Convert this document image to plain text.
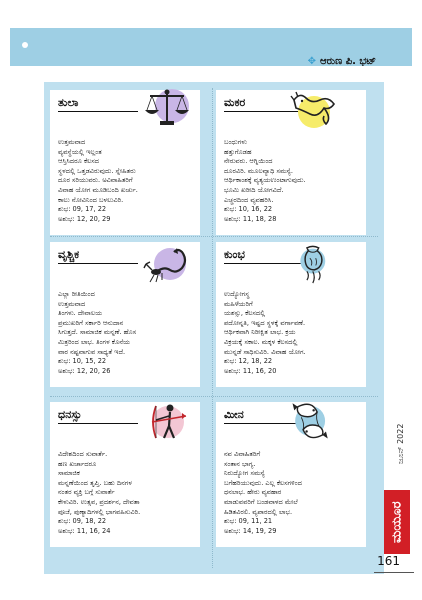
✥ ಆರುಣ ಪಿ. ಭಟ್
ತುಲಾ
ಉತ್ತಮವಾದ
ವ್ಯವಸ್ಥೆಯಲ್ಲಿ ಇಲ್ಲಂತ
ಆಸ್ತಿಸಿದರೂ ಕೆಲಸದ
ಸ್ಥಳದಲ್ಲಿ ಒತ್ತಡವಿರುವುದು. ಸ್ನೇಹಿತರು
ದೂರ ಸರಿಯುವರು. ಅವಿವಾಹಿತರಿಗೆ
ವಿವಾಹ ಯೋಗ ಮೂಡಿಬಂದಿ ಖರ್ಚು.
ಕಾಲು ನೋವಿನಿಂದ ಬಳಲುವಿರಿ.
ಶುಭ: 09, 17, 22
ಅಶುಭ: 12, 20, 29
ಮಕರ
ಬಂಧುಗಳು
ಹತ್ತುಗೊಡಹ
ನೇರುವರು. ಆಗ್ನಿಯಿಂದ
ದೂರವಿರಿ. ಮೂಲವ್ಯಾಧಿ ಸಮಸ್ಯೆ.
ಆರ್ಥಿಕಾಂಶಕ್ಕೆ ವ್ಯತ್ಯಯಉಂಟಾಗುವುದು.
ಭೂಮಿ ಖರೀದಿ ಯೋಗವಿದೆ.
ಎಚ್ಚರದಿಂದ ವ್ಯವಹರಿಸಿ.
ಶುಭ: 10, 16, 22
ಅಶುಭ: 11, 18, 28
ವೃಶ್ಚಿಕ
ಎಲ್ಲಾ ರೀತಿಯಿಂದ
ಉತ್ತಮವಾದ
ತಿಂಗಳು. ದೇವಾಲಯ
ಪ್ರಮುಖರಿಗೆ ಸರ್ಕಾರಿ ಆನುದಾನ
ಸಿಗುತ್ತದೆ. ಸಾಮಾಜಿಕ ಮನ್ನಣೆ. ಹೊಸ
ಮಿತ್ರರಿಂದ ಲಾಭ. ತಿಂಗಳ ಕೊನೆಯ
ವಾರ ನಷ್ಟವಾಗುವ ಸಾಧ್ಯತೆ ಇದೆ.
ಶುಭ: 10, 15, 22
ಅಶುಭ: 12, 20, 26
ಕುಂಭ
ಉದ್ಯೋಗಸ್ಥ
ಮಹಿಳೆಯರಿಗೆ
ಯಶಸ್ಸು, ಕೆಲಸದಲ್ಲಿ
ಪದೋನ್ನತಿ, ಇಷ್ಟದ ಸ್ಥಳಕ್ಕೆ ವರ್ಗಾವಣೆ.
ಆರ್ಥಿಕವಾಗಿ ನಿರೀಕ್ಷಿತ ಲಾಭ. ಕ್ರಯ
ವಿಕ್ರಯಕ್ಕೆ ಸಕಾಲ. ಮಕ್ಕಳ ಕೆಲಸದಲ್ಲಿ
ಮುನ್ನಡೆ ಸಾಧಿಸುವಿರಿ. ವಿವಾಹ ಯೋಗ.
ಶುಭ: 12, 18, 22
ಅಶುಭ: 11, 16, 20
ಧನಸ್ಸು
ವಿದೇಶದಿಂದ ಸುವಾರ್ತೆ.
ಹಣ ಖರ್ಚಾದರೂ
ಸಾಮಾಜಿಕ
ಮನ್ನಣೆಯಿಂದ ತೃಪ್ತಿ. ಬಹು ದಿನಗಳ
ನಂತರ ವ್ಯಕ್ತಿ ಬಗ್ಗೆ ಸುವಾರ್ತೆ
ಕೇಳುವಿರಿ. ಉತ್ಸವ, ಪ್ರದರ್ಶನ, ದೇವತಾ
ಪೂಜೆ, ಪುಣ್ಯಾದಿಗಳಲ್ಲಿ ಭಾಗವಹಿಸುವಿರಿ.
ಶುಭ: 09, 18, 22
ಅಶುಭ: 11, 16, 24
ಮೀನ
ನವ ವಿವಾಹಿತರಿಗೆ
ಸಂತಾನ ಭಾಗ್ಯ.
ನಿರುದ್ಯೋಗ ಸಮಸ್ಯೆ
ಬಗೆಹರಿಯುವುದು. ಎಲ್ಲ ಕೆಲಸಗಳಿಂದ
ಧನಲಾಭ. ಹೇರು ವ್ಯವಹಾರ
ಮಾಡುವವರಿಗೆ ಬಂಡವಾಳದ ಮೇಲೆ
ಹಿಡಿತವಿರಲಿ. ವ್ಯಪಾರದಲ್ಲಿ ಲಾಭ.
ಶುಭ: 09, 11, 21
ಅಶುಭ: 14, 19, 29
ಜೂನ್ 2022
ಮಯೂರ
161
